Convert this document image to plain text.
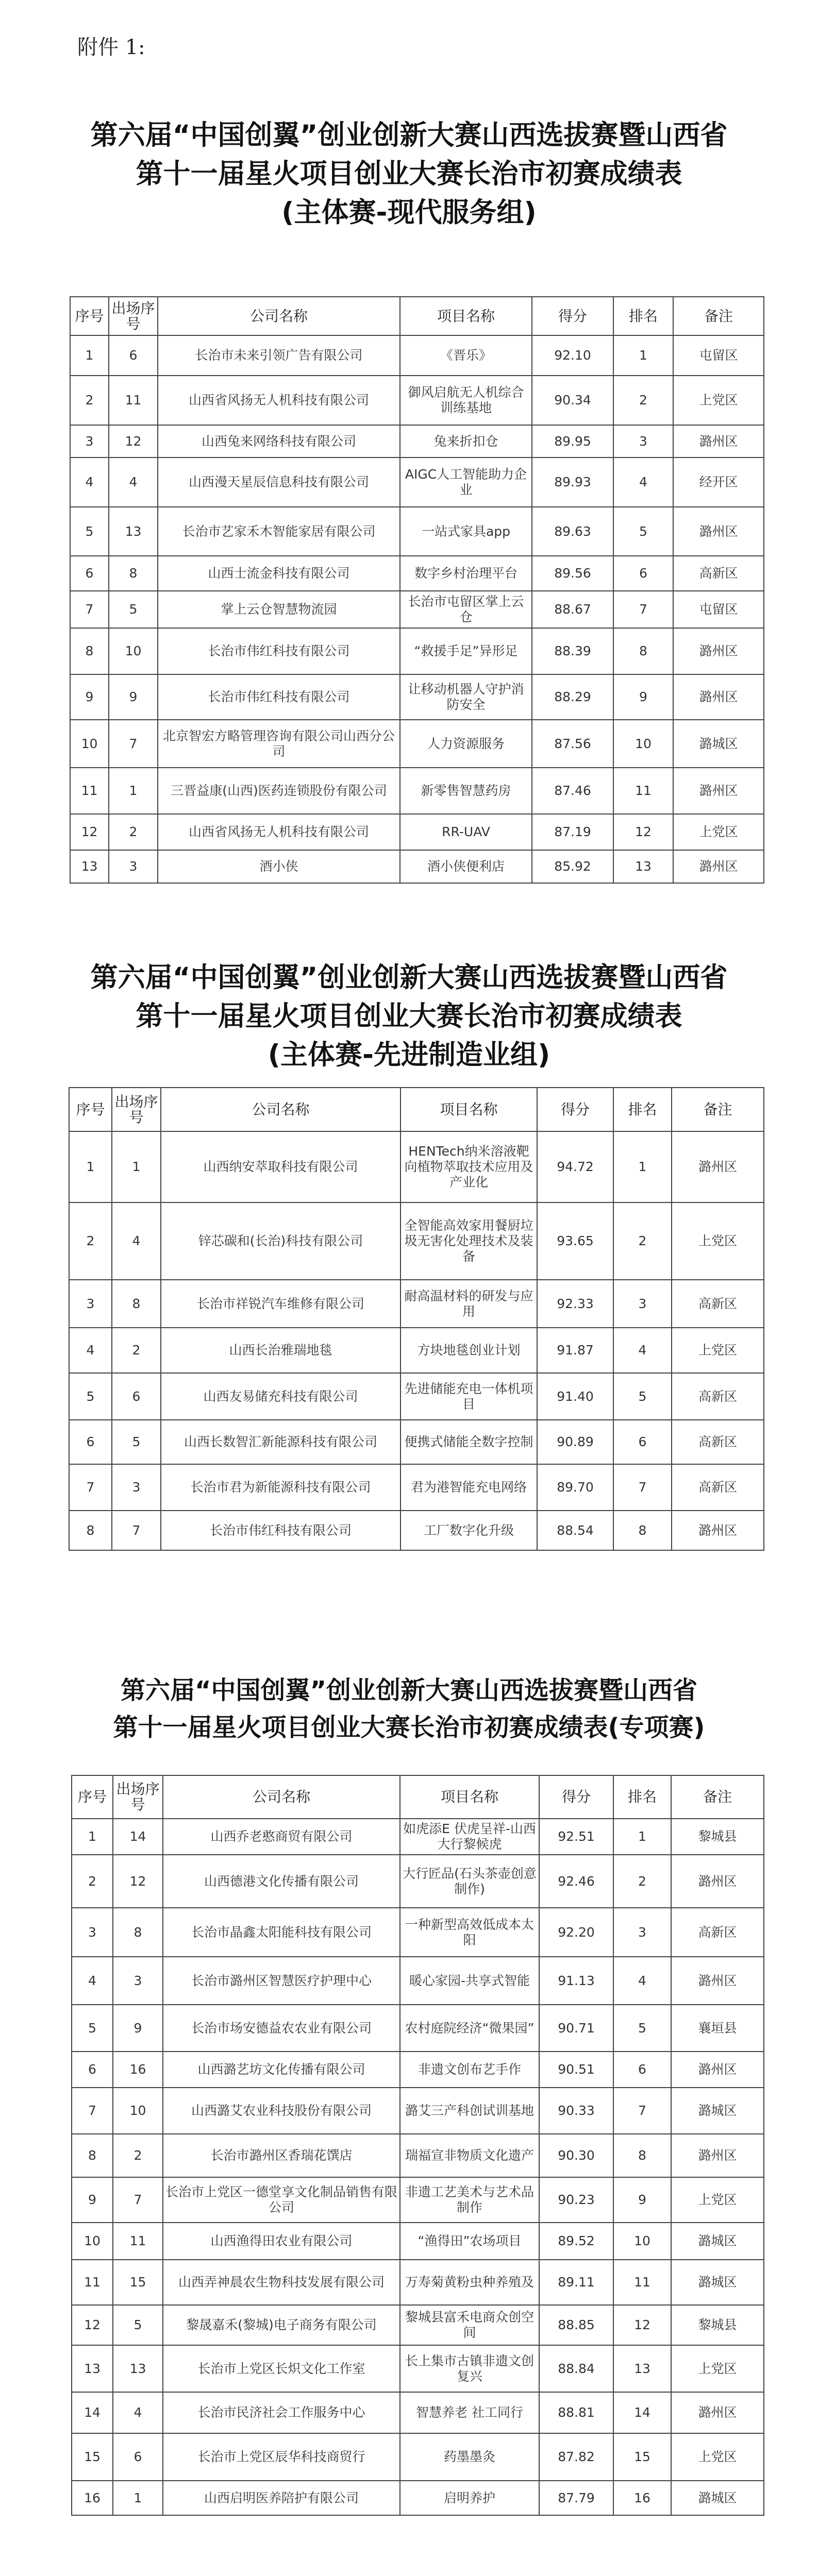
附件 1:
第六届“中国创翼”创业创新大赛山西选拔赛暨山西省
第十一届星火项目创业大赛长治市初赛成绩表
(主体赛-现代服务组)
序号	出场序号	公司名称	项目名称	得分	排名	备注
1	6	长治市未来引领广告有限公司	《晋乐》	92.10	1	屯留区
2	11	山西省风扬无人机科技有限公司	御风启航无人机综合训练基地	90.34	2	上党区
3	12	山西兔来网络科技有限公司	兔来折扣仓	89.95	3	潞州区
4	4	山西漫天星辰信息科技有限公司	AIGC人工智能助力企业	89.93	4	经开区
5	13	长治市艺家禾木智能家居有限公司	一站式家具app	89.63	5	潞州区
6	8	山西士流金科技有限公司	数字乡村治理平台	89.56	6	高新区
7	5	掌上云仓智慧物流园	长治市屯留区掌上云仓	88.67	7	屯留区
8	10	长治市伟红科技有限公司	“救援手足”异形足	88.39	8	潞州区
9	9	长治市伟红科技有限公司	让移动机器人守护消防安全	88.29	9	潞州区
10	7	北京智宏方略管理咨询有限公司山西分公司	人力资源服务	87.56	10	潞城区
11	1	三晋益康(山西)医药连锁股份有限公司	新零售智慧药房	87.46	11	潞州区
12	2	山西省风扬无人机科技有限公司	RR-UAV	87.19	12	上党区
13	3	酒小侠	酒小侠便利店	85.92	13	潞州区
第六届“中国创翼”创业创新大赛山西选拔赛暨山西省
第十一届星火项目创业大赛长治市初赛成绩表
(主体赛-先进制造业组)
序号	出场序号	公司名称	项目名称	得分	排名	备注
1	1	山西纳安萃取科技有限公司	HENTech纳米溶液靶向植物萃取技术应用及产业化	94.72	1	潞州区
2	4	锌芯碳和(长治)科技有限公司	全智能高效家用餐厨垃圾无害化处理技术及装备	93.65	2	上党区
3	8	长治市祥锐汽车维修有限公司	耐高温材料的研发与应用	92.33	3	高新区
4	2	山西长治雅瑞地毯	方块地毯创业计划	91.87	4	上党区
5	6	山西友易储充科技有限公司	先进储能充电一体机项目	91.40	5	高新区
6	5	山西长数智汇新能源科技有限公司	便携式储能全数字控制	90.89	6	高新区
7	3	长治市君为新能源科技有限公司	君为港智能充电网络	89.70	7	高新区
8	7	长治市伟红科技有限公司	工厂数字化升级	88.54	8	潞州区
第六届“中国创翼”创业创新大赛山西选拔赛暨山西省
第十一届星火项目创业大赛长治市初赛成绩表(专项赛)
序号	出场序号	公司名称	项目名称	得分	排名	备注
1	14	山西乔老憨商贸有限公司	如虎添E 伏虎呈祥-山西大行黎候虎	92.51	1	黎城县
2	12	山西德港文化传播有限公司	大行匠品(石头茶壶创意制作)	92.46	2	潞州区
3	8	长治市晶鑫太阳能科技有限公司	一种新型高效低成本太阳	92.20	3	高新区
4	3	长治市潞州区智慧医疗护理中心	暖心家园-共享式智能	91.13	4	潞州区
5	9	长治市场安德益农农业有限公司	农村庭院经济“微果园”	90.71	5	襄垣县
6	16	山西潞艺坊文化传播有限公司	非遗文创布艺手作	90.51	6	潞州区
7	10	山西潞艾农业科技股份有限公司	潞艾三产科创试训基地	90.33	7	潞城区
8	2	长治市潞州区香瑞花馔店	瑞福宣非物质文化遗产	90.30	8	潞州区
9	7	长治市上党区一德堂享文化制品销售有限公司	非遗工艺美术与艺术品制作	90.23	9	上党区
10	11	山西渔得田农业有限公司	“渔得田”农场项目	89.52	10	潞城区
11	15	山西弄神晨农生物科技发展有限公司	万寿菊黄粉虫种养殖及	89.11	11	潞城区
12	5	黎晟嘉禾(黎城)电子商务有限公司	黎城县富禾电商众创空间	88.85	12	黎城县
13	13	长治市上党区长炽文化工作室	长上集市古镇非遗文创复兴	88.84	13	上党区
14	4	长治市民济社会工作服务中心	智慧养老 社工同行	88.81	14	潞州区
15	6	长治市上党区辰华科技商贸行	药墨墨灸	87.82	15	上党区
16	1	山西启明医养陪护有限公司	启明养护	87.79	16	潞城区
